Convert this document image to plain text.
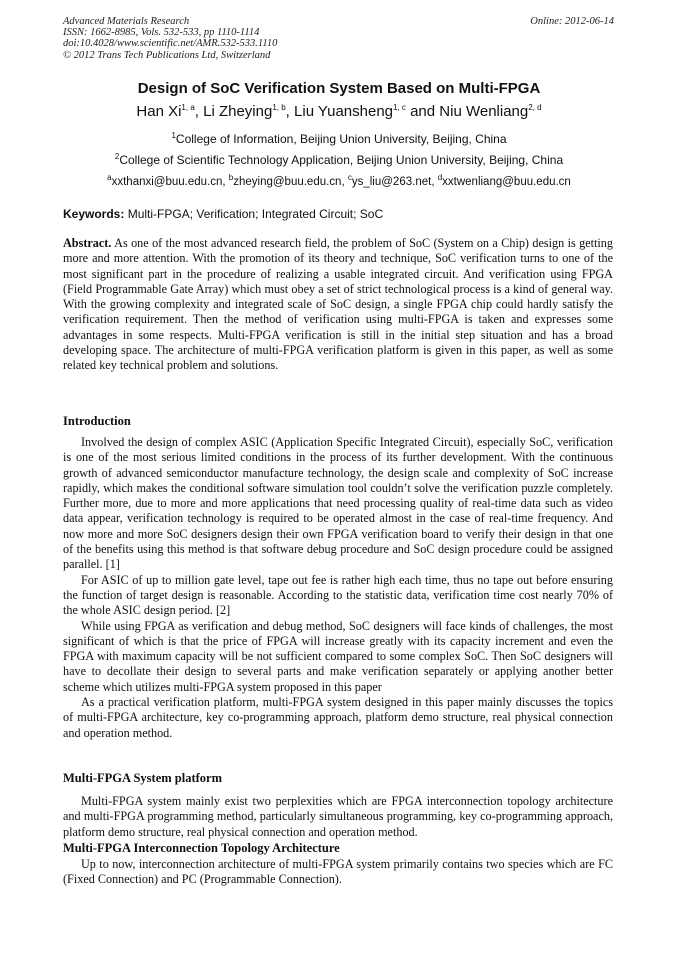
Advanced Materials Research
ISSN: 1662-8985, Vols. 532-533, pp 1110-1114
doi:10.4028/www.scientific.net/AMR.532-533.1110
© 2012 Trans Tech Publications Ltd, Switzerland
Online: 2012-06-14
Design of SoC Verification System Based on Multi-FPGA
Han Xi$^{1, a}$, Li Zheying$^{1, b}$, Liu Yuansheng$^{1, c}$ and Niu Wenliang$^{2, d}$
$^1$College of Information, Beijing Union University, Beijing, China
$^2$College of Scientific Technology Application, Beijing Union University, Beijing, China
$^a$xxthanxi@buu.edu.cn, $^b$zheying@buu.edu.cn, $^c$ys_liu@263.net, $^d$xxtwenliang@buu.edu.cn
Keywords: Multi-FPGA; Verification; Integrated Circuit; SoC

Abstract. As one of the most advanced research field, the problem of SoC (System on a Chip) design is getting more and more attention. With the promotion of its theory and technique, SoC verification turns to one of the most significant part in the procedure of realizing a usable integrated circuit. And verification using FPGA (Field Programmable Gate Array) which must obey a set of strict technological process is a kind of general way. With the growing complexity and integrated scale of SoC design, a single FPGA chip could hardly satisfy the verification requirement. Then the method of verification using multi-FPGA is taken and expresses some advantages in some respects. Multi-FPGA verification is still in the initial step situation and has a broad developing space. The architecture of multi-FPGA verification platform is given in this paper, as well as some related key technical problem and solutions.

Introduction

Involved the design of complex ASIC (Application Specific Integrated Circuit), especially SoC, verification is one of the most serious limited conditions in the process of its further development. With the continuous growth of advanced semiconductor manufacture technology, the design scale and complexity of SoC increase rapidly, which makes the conditional software simulation tool couldn’t solve the verification puzzle completely. Further more, due to more and more applications that need processing quality of real-time data such as video data appear, verification technology is required to be operated almost in the case of real-time frequency. And now more and more SoC designers design their own FPGA verification board to verify their design in that one of the benefits using this method is that software debug procedure and SoC design procedure could be assigned parallel. [1]

For ASIC of up to million gate level, tape out fee is rather high each time, thus no tape out before ensuring the function of target design is reasonable. According to the statistic data, verification time cost nearly 70% of the whole ASIC design period. [2]

While using FPGA as verification and debug method, SoC designers will face kinds of challenges, the most significant of which is that the price of FPGA will increase greatly with its capacity increment and even the FPGA with maximum capacity will be not sufficient compared to some complex SoC. Then SoC designers will have to decollate their design to several parts and make verification separately or applying another better scheme which utilizes multi-FPGA system proposed in this paper

As a practical verification platform, multi-FPGA system designed in this paper mainly discusses the topics of multi-FPGA architecture, key co-programming approach, platform demo structure, real physical connection and operation method.

Multi-FPGA System platform

Multi-FPGA system mainly exist two perplexities which are FPGA interconnection topology architecture and multi-FPGA programming method, particularly simultaneous programming, key co-programming approach, platform demo structure, real physical connection and operation method.

Multi-FPGA Interconnection Topology Architecture

Up to now, interconnection architecture of multi-FPGA system primarily contains two species which are FC (Fixed Connection) and PC (Programmable Connection).
